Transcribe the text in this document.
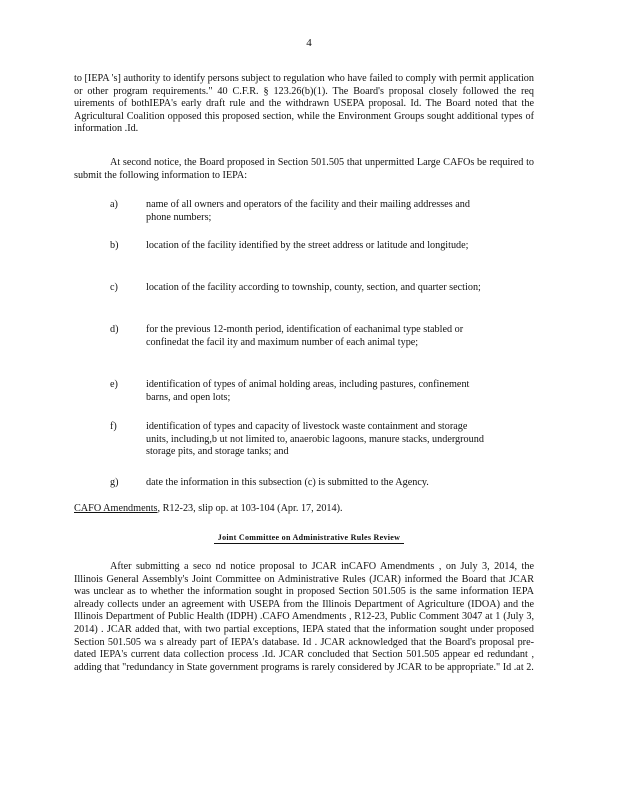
4

to [IEPA 's] authority to identify persons subject to regulation who have failed to comply with permit application or other program requirements." 40 C.F.R. § 123.26(b)(1). The Board's proposal closely followed the req uirements of bothIEPA's early draft rule and the withdrawn USEPA proposal. Id. The Board noted that the Agricultural Coalition opposed this proposed section, while the Environment Groups sought additional types of information .Id.

At second notice, the Board proposed in Section 501.505 that unpermitted Large CAFOs be required to submit the following information to IEPA:

a)	name of all owners and operators of the facility and their mailing addresses and phone numbers;
b)	location of the facility identified by the street address or latitude and longitude;
c)	location of the facility according to township, county, section, and quarter section;
d)	for the previous 12-month period, identification of eachanimal type stabled or confinedat the facil ity and maximum number of each animal type;
e)	identification of types of animal holding areas, including pastures, confinement barns, and open lots;
f)	identification of types and capacity of livestock waste containment and storage units, including,b ut not limited to, anaerobic lagoons, manure stacks, underground storage pits, and storage tanks; and
g)	date the information in this subsection (c) is submitted to the Agency.
CAFO Amendments, R12-23, slip op. at 103-104 (Apr. 17, 2014).
Joint Committee on Administrative Rules Review

After submitting a seco nd notice proposal to JCAR inCAFO Amendments , on July 3, 2014, the Illinois General Assembly's Joint Committee on Administrative Rules (JCAR) informed the Board that JCAR was unclear as to whether the information sought in proposed Section 501.505 is the same information IEPA already collects under an agreement with USEPA from the Illinois Department of Agriculture (IDOA) and the Illinois Department of Public Health (IDPH) .CAFO Amendments , R12-23, Public Comment 3047 at 1 (July 3, 2014) . JCAR added that, with two partial exceptions, IEPA stated that the information sought under proposed Section 501.505 wa s already part of IEPA's database. Id . JCAR acknowledged that the Board's proposal pre-dated IEPA's current data collection process .Id. JCAR concluded that Section 501.505 appear ed redundant , adding that "redundancy in State government programs is rarely considered by JCAR to be appropriate." Id .at 2.
